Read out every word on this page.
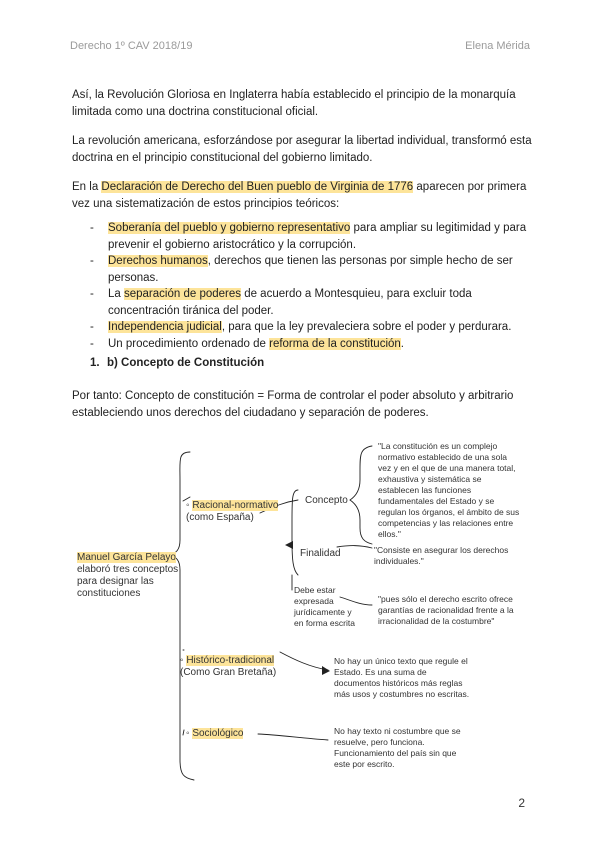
Derecho 1º CAV 2018/19	Elena Mérida

Así, la Revolución Gloriosa en Inglaterra había establecido el principio de la monarquía limitada como una doctrina constitucional oficial.

La revolución americana, esforzándose por asegurar la libertad individual, transformó esta doctrina en el principio constitucional del gobierno limitado.

En la Declaración de Derecho del Buen pueblo de Virginia de 1776 aparecen por primera vez una sistematización de estos principios teóricos:

- Soberanía del pueblo y gobierno representativo para ampliar su legitimidad y para prevenir el gobierno aristocrático y la corrupción.
- Derechos humanos, derechos que tienen las personas por simple hecho de ser personas.
- La separación de poderes de acuerdo a Montesquieu, para excluir toda concentración tiránica del poder.
- Independencia judicial, para que la ley prevaleciera sobre el poder y perdurara.
- Un procedimiento ordenado de reforma de la constitución.
1. b) Concepto de Constitución

Por tanto: Concepto de constitución = Forma de controlar el poder absoluto y arbitrario estableciendo unos derechos del ciudadano y separación de poderes.

Manuel García Pelayo elaboró tres conceptos para designar las constituciones
◦ Racional-normativo
(como España)
Concepto
"La constitución es un complejo normativo establecido de una sola vez y en el que de una manera total, exhaustiva y sistemática se establecen las funciones fundamentales del Estado y se regulan los órganos, el ámbito de sus competencias y las relaciones entre ellos."
Finalidad	"Consiste en asegurar los derechos individuales."
Debe estar expresada jurídicamente y en forma escrita
"pues sólo el derecho escrito ofrece garantías de racionalidad frente a la irracionalidad de la costumbre"
◦ Histórico-tradicional
(Como Gran Bretaña)
No hay un único texto que regule el Estado. Es una suma de documentos históricos más reglas más usos y costumbres no escritas.
◦ Sociológico	No hay texto ni costumbre que se resuelve, pero funciona. Funcionamiento del país sin que este por escrito.
2
